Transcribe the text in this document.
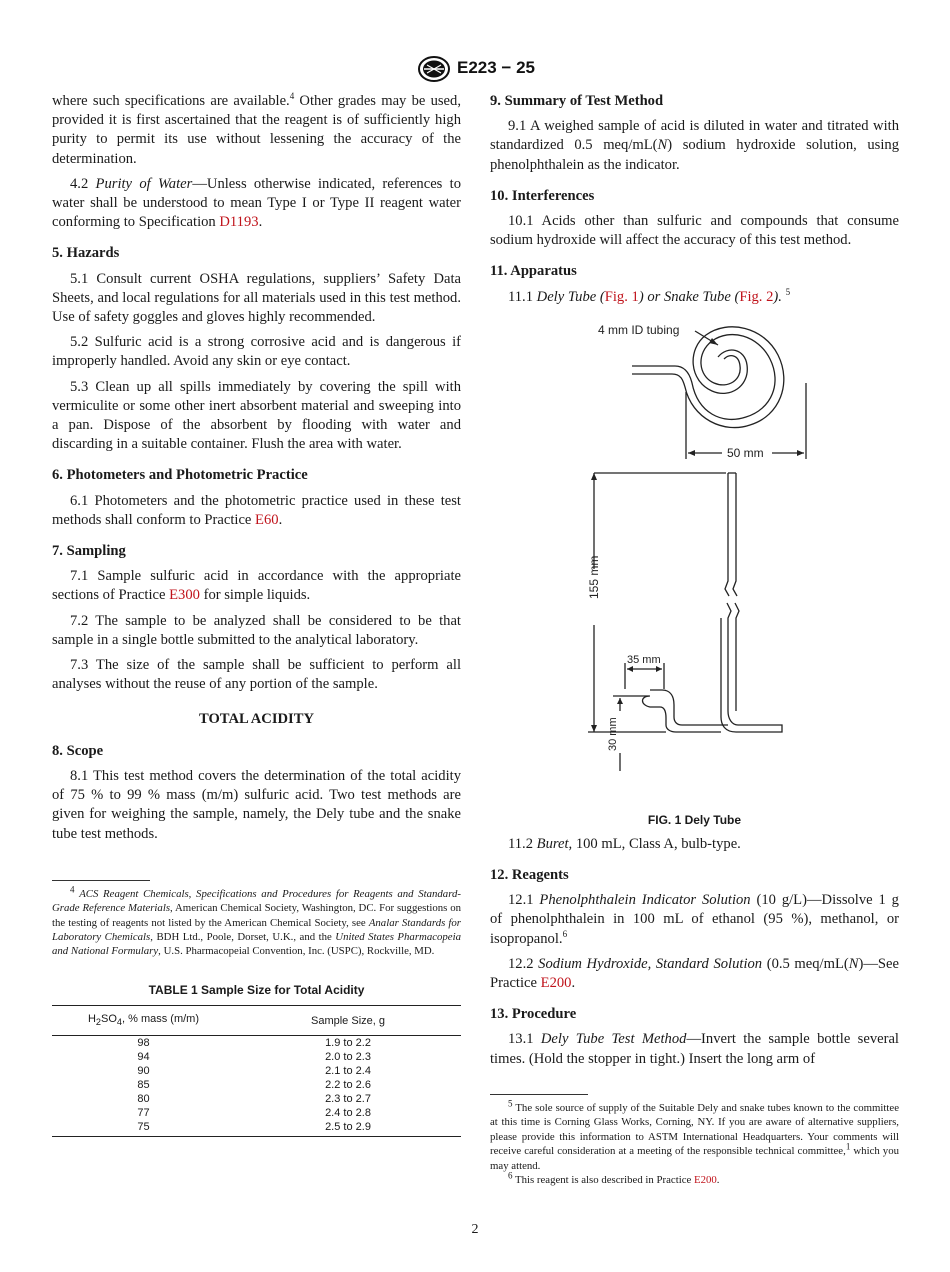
E223 − 25

where such specifications are available.$^4$ Other grades may be used, provided it is first ascertained that the reagent is of sufficiently high purity to permit its use without lessening the accuracy of the determination.

4.2 Purity of Water—Unless otherwise indicated, references to water shall be understood to mean Type I or Type II reagent water conforming to Specification D1193.

5. Hazards

5.1 Consult current OSHA regulations, suppliers’ Safety Data Sheets, and local regulations for all materials used in this test method. Use of safety goggles and gloves highly recommended.

5.2 Sulfuric acid is a strong corrosive acid and is dangerous if improperly handled. Avoid any skin or eye contact.

5.3 Clean up all spills immediately by covering the spill with vermiculite or some other inert absorbent material and sweeping into a pan. Dispose of the absorbent by flooding with water and discarding in a suitable container. Flush the area with water.

6. Photometers and Photometric Practice

6.1 Photometers and the photometric practice used in these test methods shall conform to Practice E60.

7. Sampling

7.1 Sample sulfuric acid in accordance with the appropriate sections of Practice E300 for simple liquids.

7.2 The sample to be analyzed shall be considered to be that sample in a single bottle submitted to the analytical laboratory.

7.3 The size of the sample shall be sufficient to perform all analyses without the reuse of any portion of the sample.

TOTAL ACIDITY
8. Scope

8.1 This test method covers the determination of the total acidity of 75 % to 99 % mass (m/m) sulfuric acid. Two test methods are given for weighing the sample, namely, the Dely tube and the snake tube test methods.

$^4$ ACS Reagent Chemicals, Specifications and Procedures for Reagents and Standard-Grade Reference Materials, American Chemical Society, Washington, DC. For suggestions on the testing of reagents not listed by the American Chemical Society, see Analar Standards for Laboratory Chemicals, BDH Ltd., Poole, Dorset, U.K., and the United States Pharmacopeia and National Formulary, U.S. Pharmacopeial Convention, Inc. (USPC), Rockville, MD.

TABLE 1 Sample Size for Total Acidity
$H_2SO_4$, % mass (m/m)	Sample Size, g
98	1.9 to 2.2
94	2.0 to 2.3
90	2.1 to 2.4
85	2.2 to 2.6
80	2.3 to 2.7
77	2.4 to 2.8
75	2.5 to 2.9
9. Summary of Test Method

9.1 A weighed sample of acid is diluted in water and titrated with standardized 0.5 meq/mL(N) sodium hydroxide solution, using phenolphthalein as the indicator.

10. Interferences

10.1 Acids other than sulfuric and compounds that consume sodium hydroxide will affect the accuracy of this test method.

11. Apparatus

11.1 Dely Tube (Fig. 1) or Snake Tube (Fig. 2). $^5$

4 mm ID tubing
50 mm
155 mm
35 mm
30 mm
FIG. 1 Dely Tube

11.2 Buret, 100 mL, Class A, bulb-type.

12. Reagents

12.1 Phenolphthalein Indicator Solution (10 g/L)—Dissolve 1 g of phenolphthalein in 100 mL of ethanol (95 %), methanol, or isopropanol.$^6$

12.2 Sodium Hydroxide, Standard Solution (0.5 meq/mL(N)—See Practice E200.

13. Procedure

13.1 Dely Tube Test Method—Invert the sample bottle several times. (Hold the stopper in tight.) Insert the long arm of

$^5$ The sole source of supply of the Suitable Dely and snake tubes known to the committee at this time is Corning Glass Works, Corning, NY. If you are aware of alternative suppliers, please provide this information to ASTM International Headquarters. Your comments will receive careful consideration at a meeting of the responsible technical committee,$^1$ which you may attend.

$^6$ This reagent is also described in Practice E200.

2
